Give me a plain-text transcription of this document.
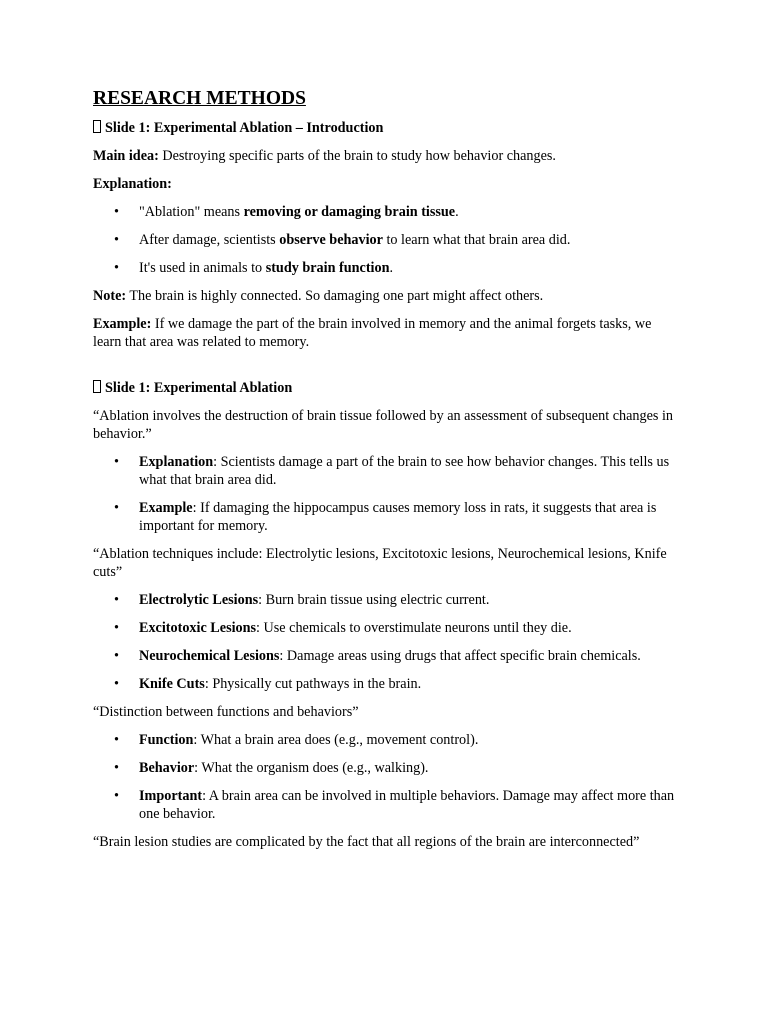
RESEARCH METHODS
Slide 1: Experimental Ablation – Introduction
Main idea: Destroying specific parts of the brain to study how behavior changes.
Explanation:
• "Ablation" means removing or damaging brain tissue.
• After damage, scientists observe behavior to learn what that brain area did.
• It's used in animals to study brain function.
Note: The brain is highly connected. So damaging one part might affect others.
Example: If we damage the part of the brain involved in memory and the animal forgets tasks, we learn that area was related to memory.
Slide 1: Experimental Ablation
“Ablation involves the destruction of brain tissue followed by an assessment of subsequent changes in behavior.”
• Explanation: Scientists damage a part of the brain to see how behavior changes. This tells us what that brain area did.
• Example: If damaging the hippocampus causes memory loss in rats, it suggests that area is important for memory.
“Ablation techniques include: Electrolytic lesions, Excitotoxic lesions, Neurochemical lesions, Knife cuts”
• Electrolytic Lesions: Burn brain tissue using electric current.
• Excitotoxic Lesions: Use chemicals to overstimulate neurons until they die.
• Neurochemical Lesions: Damage areas using drugs that affect specific brain chemicals.
• Knife Cuts: Physically cut pathways in the brain.
“Distinction between functions and behaviors”
• Function: What a brain area does (e.g., movement control).
• Behavior: What the organism does (e.g., walking).
• Important: A brain area can be involved in multiple behaviors. Damage may affect more than one behavior.
“Brain lesion studies are complicated by the fact that all regions of the brain are interconnected”
